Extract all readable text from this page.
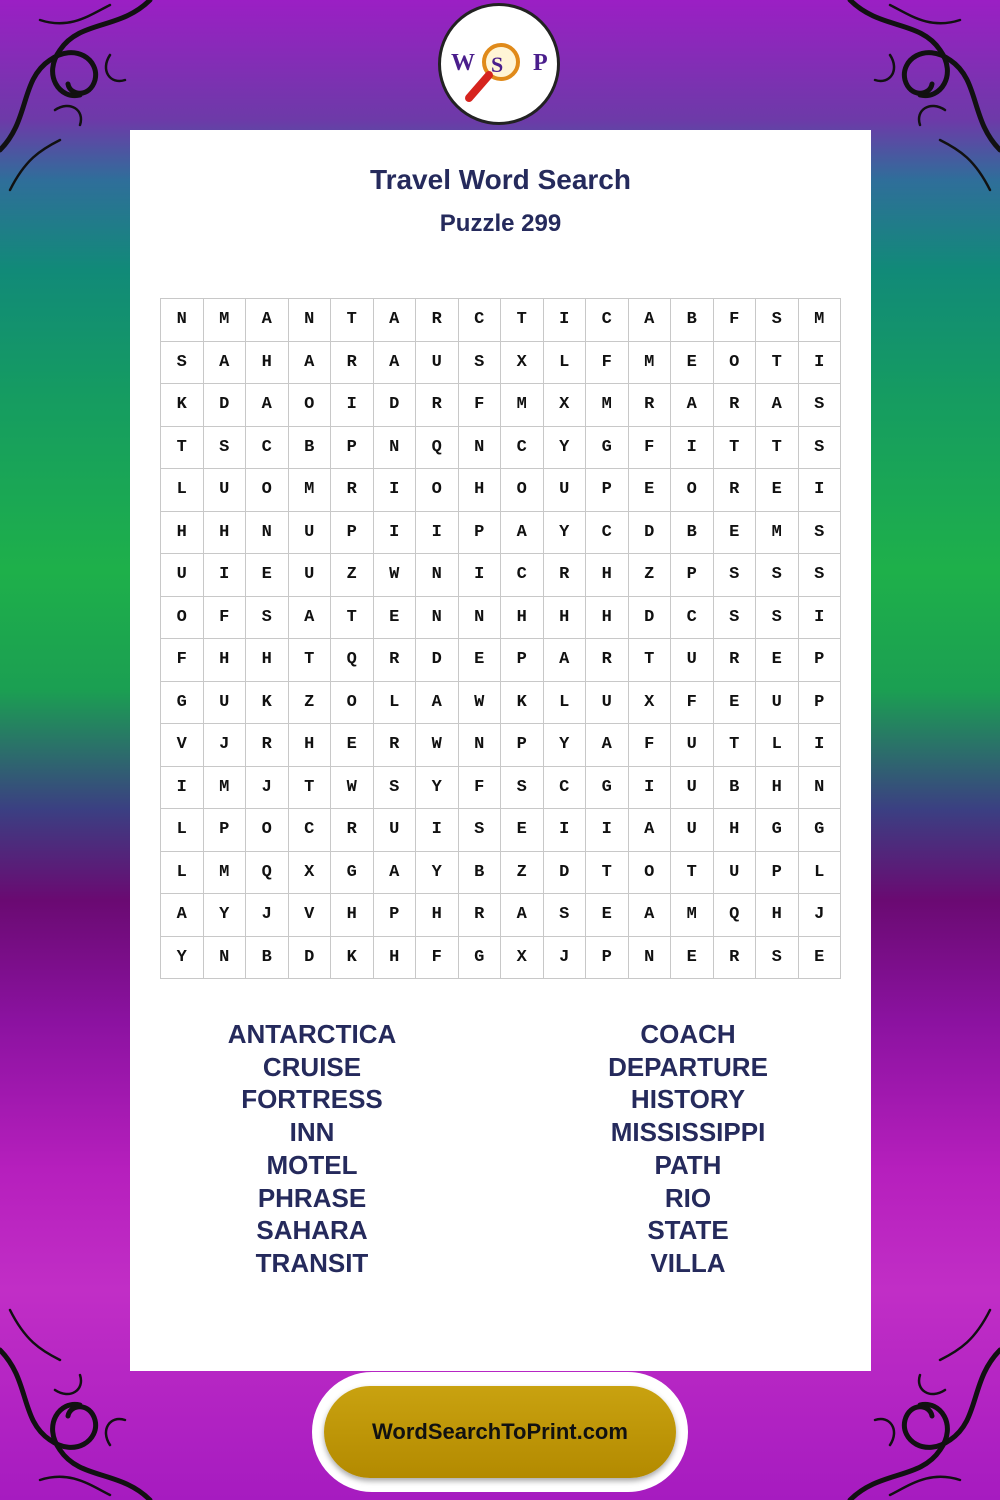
W S P
Travel Word Search
Puzzle 299
N	M	A	N	T	A	R	C	T	I	C	A	B	F	S	M
S	A	H	A	R	A	U	S	X	L	F	M	E	O	T	I
K	D	A	O	I	D	R	F	M	X	M	R	A	R	A	S
T	S	C	B	P	N	Q	N	C	Y	G	F	I	T	T	S
L	U	O	M	R	I	O	H	O	U	P	E	O	R	E	I
H	H	N	U	P	I	I	P	A	Y	C	D	B	E	M	S
U	I	E	U	Z	W	N	I	C	R	H	Z	P	S	S	S
O	F	S	A	T	E	N	N	H	H	H	D	C	S	S	I
F	H	H	T	Q	R	D	E	P	A	R	T	U	R	E	P
G	U	K	Z	O	L	A	W	K	L	U	X	F	E	U	P
V	J	R	H	E	R	W	N	P	Y	A	F	U	T	L	I
I	M	J	T	W	S	Y	F	S	C	G	I	U	B	H	N
L	P	O	C	R	U	I	S	E	I	I	A	U	H	G	G
L	M	Q	X	G	A	Y	B	Z	D	T	O	T	U	P	L
A	Y	J	V	H	P	H	R	A	S	E	A	M	Q	H	J
Y	N	B	D	K	H	F	G	X	J	P	N	E	R	S	E
ANTARCTICA
CRUISE
FORTRESS
INN
MOTEL
PHRASE
SAHARA
TRANSIT
COACH
DEPARTURE
HISTORY
MISSISSIPPI
PATH
RIO
STATE
VILLA
WordSearchToPrint.com
